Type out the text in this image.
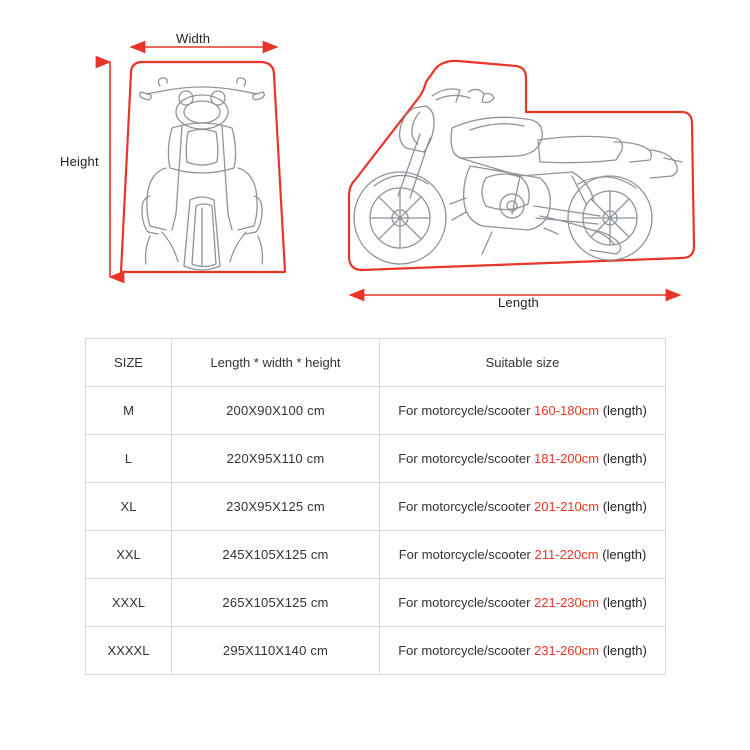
Width
Height
Length
SIZE	Length * width * height	Suitable size
M	200X90X100 cm	For motorcycle/scooter 160-180cm (length)
L	220X95X110 cm	For motorcycle/scooter 181-200cm (length)
XL	230X95X125 cm	For motorcycle/scooter 201-210cm (length)
XXL	245X105X125 cm	For motorcycle/scooter 211-220cm (length)
XXXL	265X105X125 cm	For motorcycle/scooter 221-230cm (length)
XXXXL	295X110X140 cm	For motorcycle/scooter 231-260cm (length)
